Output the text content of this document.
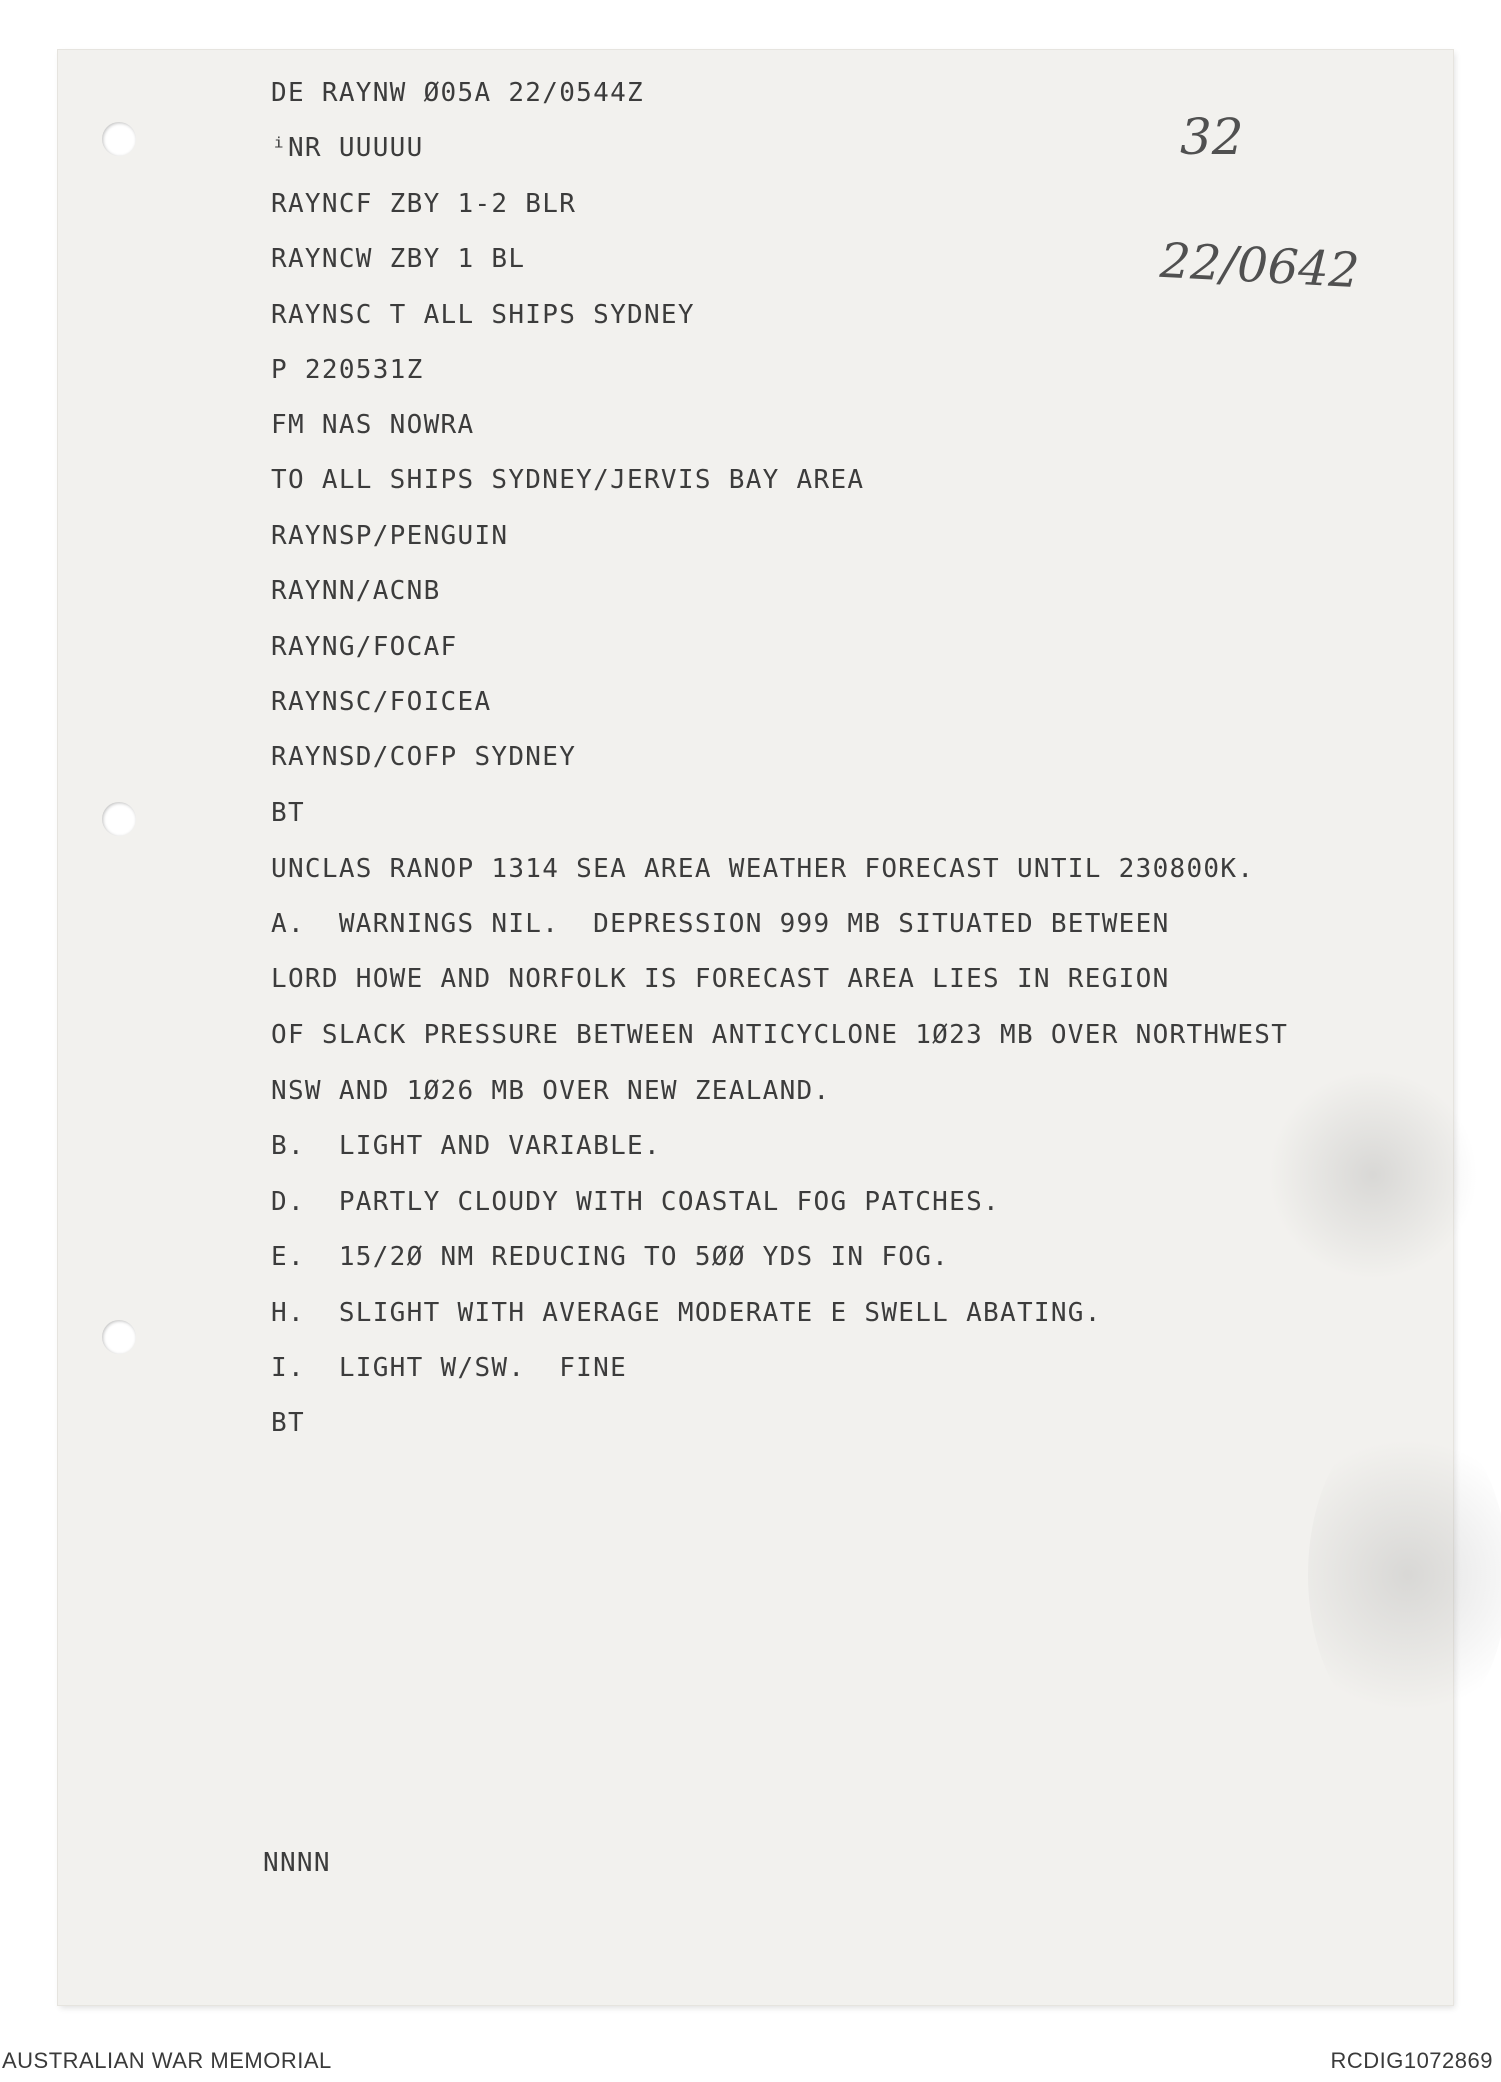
DE RAYNW Ø05A 22/0544Z

ⁱNR UUUUU

RAYNCF ZBY 1-2 BLR

RAYNCW ZBY 1 BL

RAYNSC T ALL SHIPS SYDNEY

P 220531Z

FM NAS NOWRA

TO ALL SHIPS SYDNEY/JERVIS BAY AREA

RAYNSP/PENGUIN

RAYNN/ACNB

RAYNG/FOCAF

RAYNSC/FOICEA

RAYNSD/COFP SYDNEY

BT

UNCLAS RANOP 1314 SEA AREA WEATHER FORECAST UNTIL 230800K.

A.  WARNINGS NIL.  DEPRESSION 999 MB SITUATED BETWEEN

LORD HOWE AND NORFOLK IS FORECAST AREA LIES IN REGION

OF SLACK PRESSURE BETWEEN ANTICYCLONE 1Ø23 MB OVER NORTHWEST

NSW AND 1Ø26 MB OVER NEW ZEALAND.

B.  LIGHT AND VARIABLE.

D.  PARTLY CLOUDY WITH COASTAL FOG PATCHES.

E.  15/2Ø NM REDUCING TO 5ØØ YDS IN FOG.

H.  SLIGHT WITH AVERAGE MODERATE E SWELL ABATING.

I.  LIGHT W/SW.  FINE

BT

NNNN

32
22/0642
AUSTRALIAN WAR MEMORIAL	RCDIG1072869
